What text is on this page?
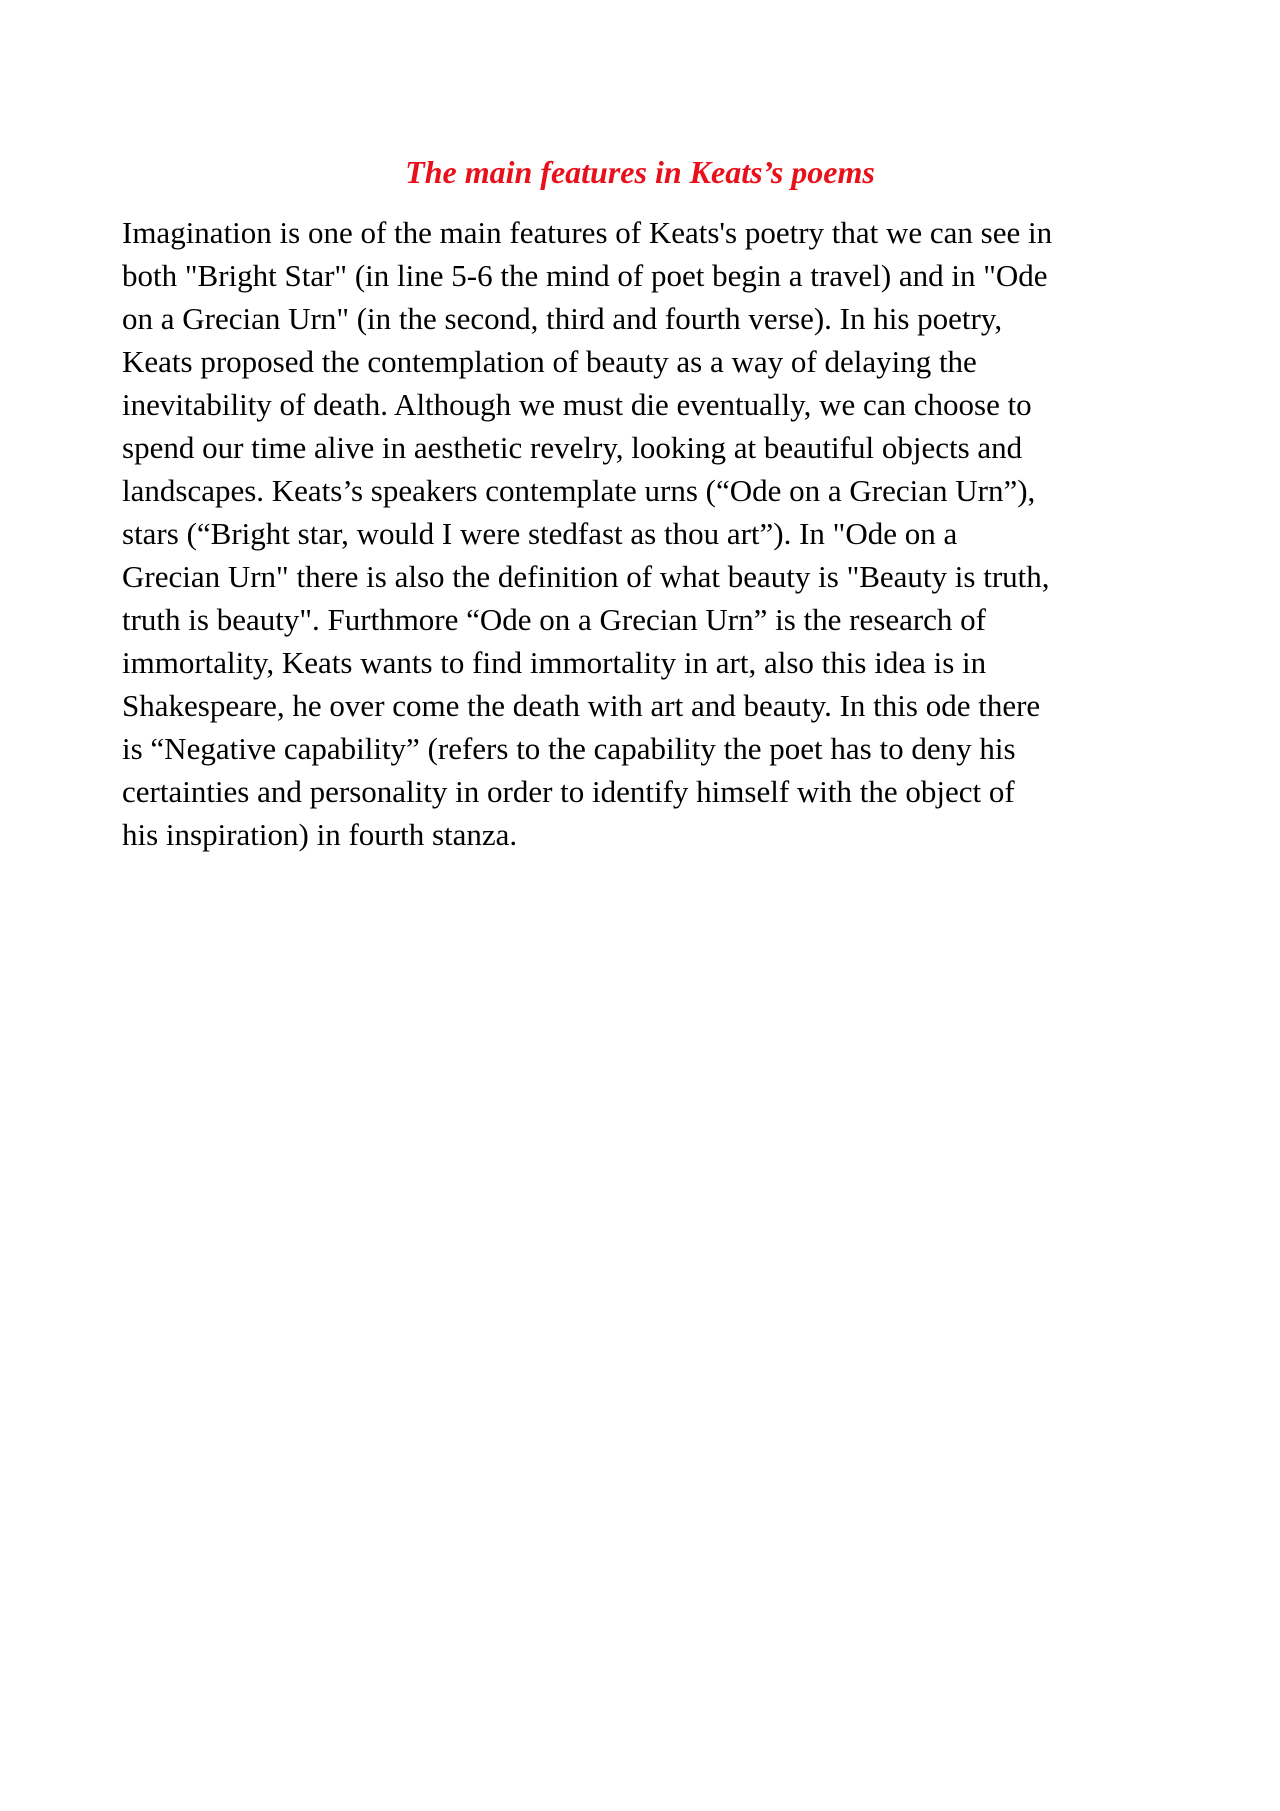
The main features in Keats’s poems
Imagination is one of the main features of Keats's poetry that we can see in
both "Bright Star" (in line 5-6 the mind of poet begin a travel) and in "Ode
on a Grecian Urn" (in the second, third and fourth verse). In his poetry,
Keats proposed the contemplation of beauty as a way of delaying the
inevitability of death. Although we must die eventually, we can choose to
spend our time alive in aesthetic revelry, looking at beautiful objects and
landscapes. Keats’s speakers contemplate urns (“Ode on a Grecian Urn”),
stars (“Bright star, would I were stedfast as thou art”). In "Ode on a
Grecian Urn" there is also the definition of what beauty is "Beauty is truth,
truth is beauty". Furthmore “Ode on a Grecian Urn” is the research of
immortality, Keats wants to find immortality in art, also this idea is in
Shakespeare, he over come the death with art and beauty. In this ode there
is “Negative capability” (refers to the capability the poet has to deny his
certainties and personality in order to identify himself with the object of
his inspiration) in fourth stanza.
